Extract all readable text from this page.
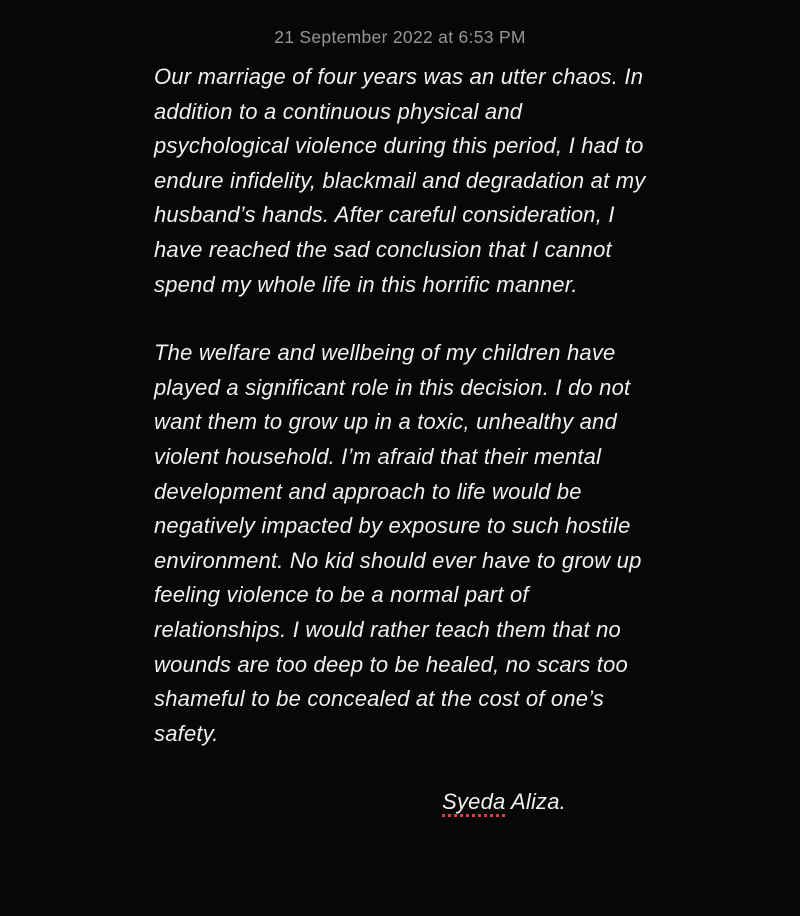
21 September 2022 at 6:53 PM

Our marriage of four years was an utter chaos. In addition to a continuous physical and psychological violence during this period, I had to endure infidelity, blackmail and degradation at my husband’s hands. After careful consideration, I have reached the sad conclusion that I cannot spend my whole life in this horrific manner.

The welfare and wellbeing of my children have played a significant role in this decision. I do not want them to grow up in a toxic, unhealthy and violent household. I’m afraid that their mental development and approach to life would be negatively impacted by exposure to such hostile environment. No kid should ever have to grow up feeling violence to be a normal part of relationships. I would rather teach them that no wounds are too deep to be healed, no scars too shameful to be concealed at the cost of one’s safety.

Syeda Aliza.
